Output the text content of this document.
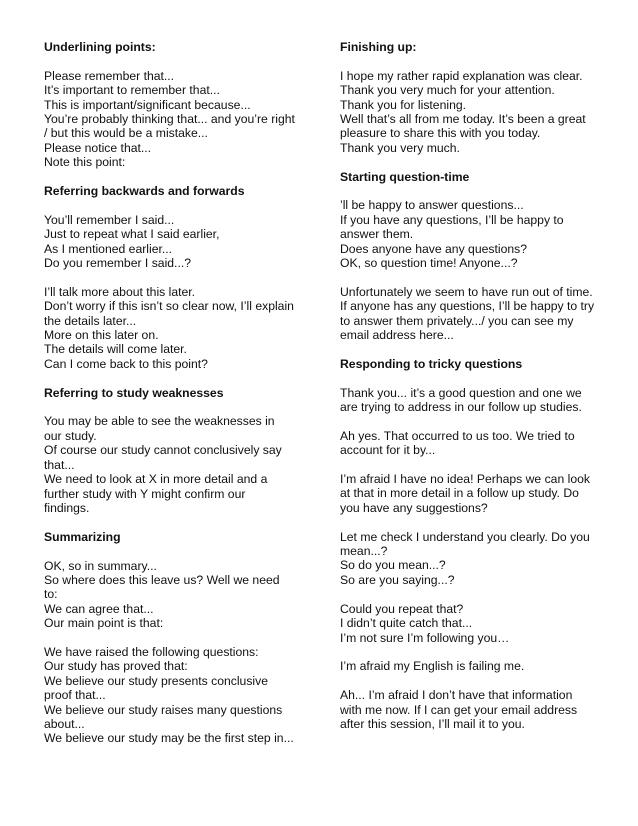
Underlining points:
Please remember that...
It’s important to remember that...
This is important/significant because...
You’re probably thinking that... and you’re right
/ but this would be a mistake...
Please notice that...
Note this point:
Referring backwards and forwards
You’ll remember I said...
Just to repeat what I said earlier,
As I mentioned earlier...
Do you remember I said...?
I’ll talk more about this later.
Don’t worry if this isn’t so clear now, I’ll explain
the details later...
More on this later on.
The details will come later.
Can I come back to this point?
Referring to study weaknesses
You may be able to see the weaknesses in
our study.
Of course our study cannot conclusively say
that...
We need to look at X in more detail and a
further study with Y might confirm our
findings.
Summarizing
OK, so in summary...
So where does this leave us? Well we need
to:
We can agree that...
Our main point is that:
We have raised the following questions:
Our study has proved that:
We believe our study presents conclusive
proof that...
We believe our study raises many questions
about...
We believe our study may be the first step in...
Finishing up:
I hope my rather rapid explanation was clear.
Thank you very much for your attention.
Thank you for listening.
Well that’s all from me today. It’s been a great
pleasure to share this with you today.
Thank you very much.
Starting question-time
’ll be happy to answer questions...
If you have any questions, I’ll be happy to
answer them.
Does anyone have any questions?
OK, so question time! Anyone...?
Unfortunately we seem to have run out of time.
If anyone has any questions, I’ll be happy to try
to answer them privately.../ you can see my
email address here...
Responding to tricky questions
Thank you... it’s a good question and one we
are trying to address in our follow up studies.
Ah yes. That occurred to us too. We tried to
account for it by...
I’m afraid I have no idea! Perhaps we can look
at that in more detail in a follow up study. Do
you have any suggestions?
Let me check I understand you clearly. Do you
mean...?
So do you mean...?
So are you saying...?
Could you repeat that?
I didn’t quite catch that...
I’m not sure I’m following you…
I’m afraid my English is failing me.
Ah... I’m afraid I don’t have that information
with me now. If I can get your email address
after this session, I’ll mail it to you.
